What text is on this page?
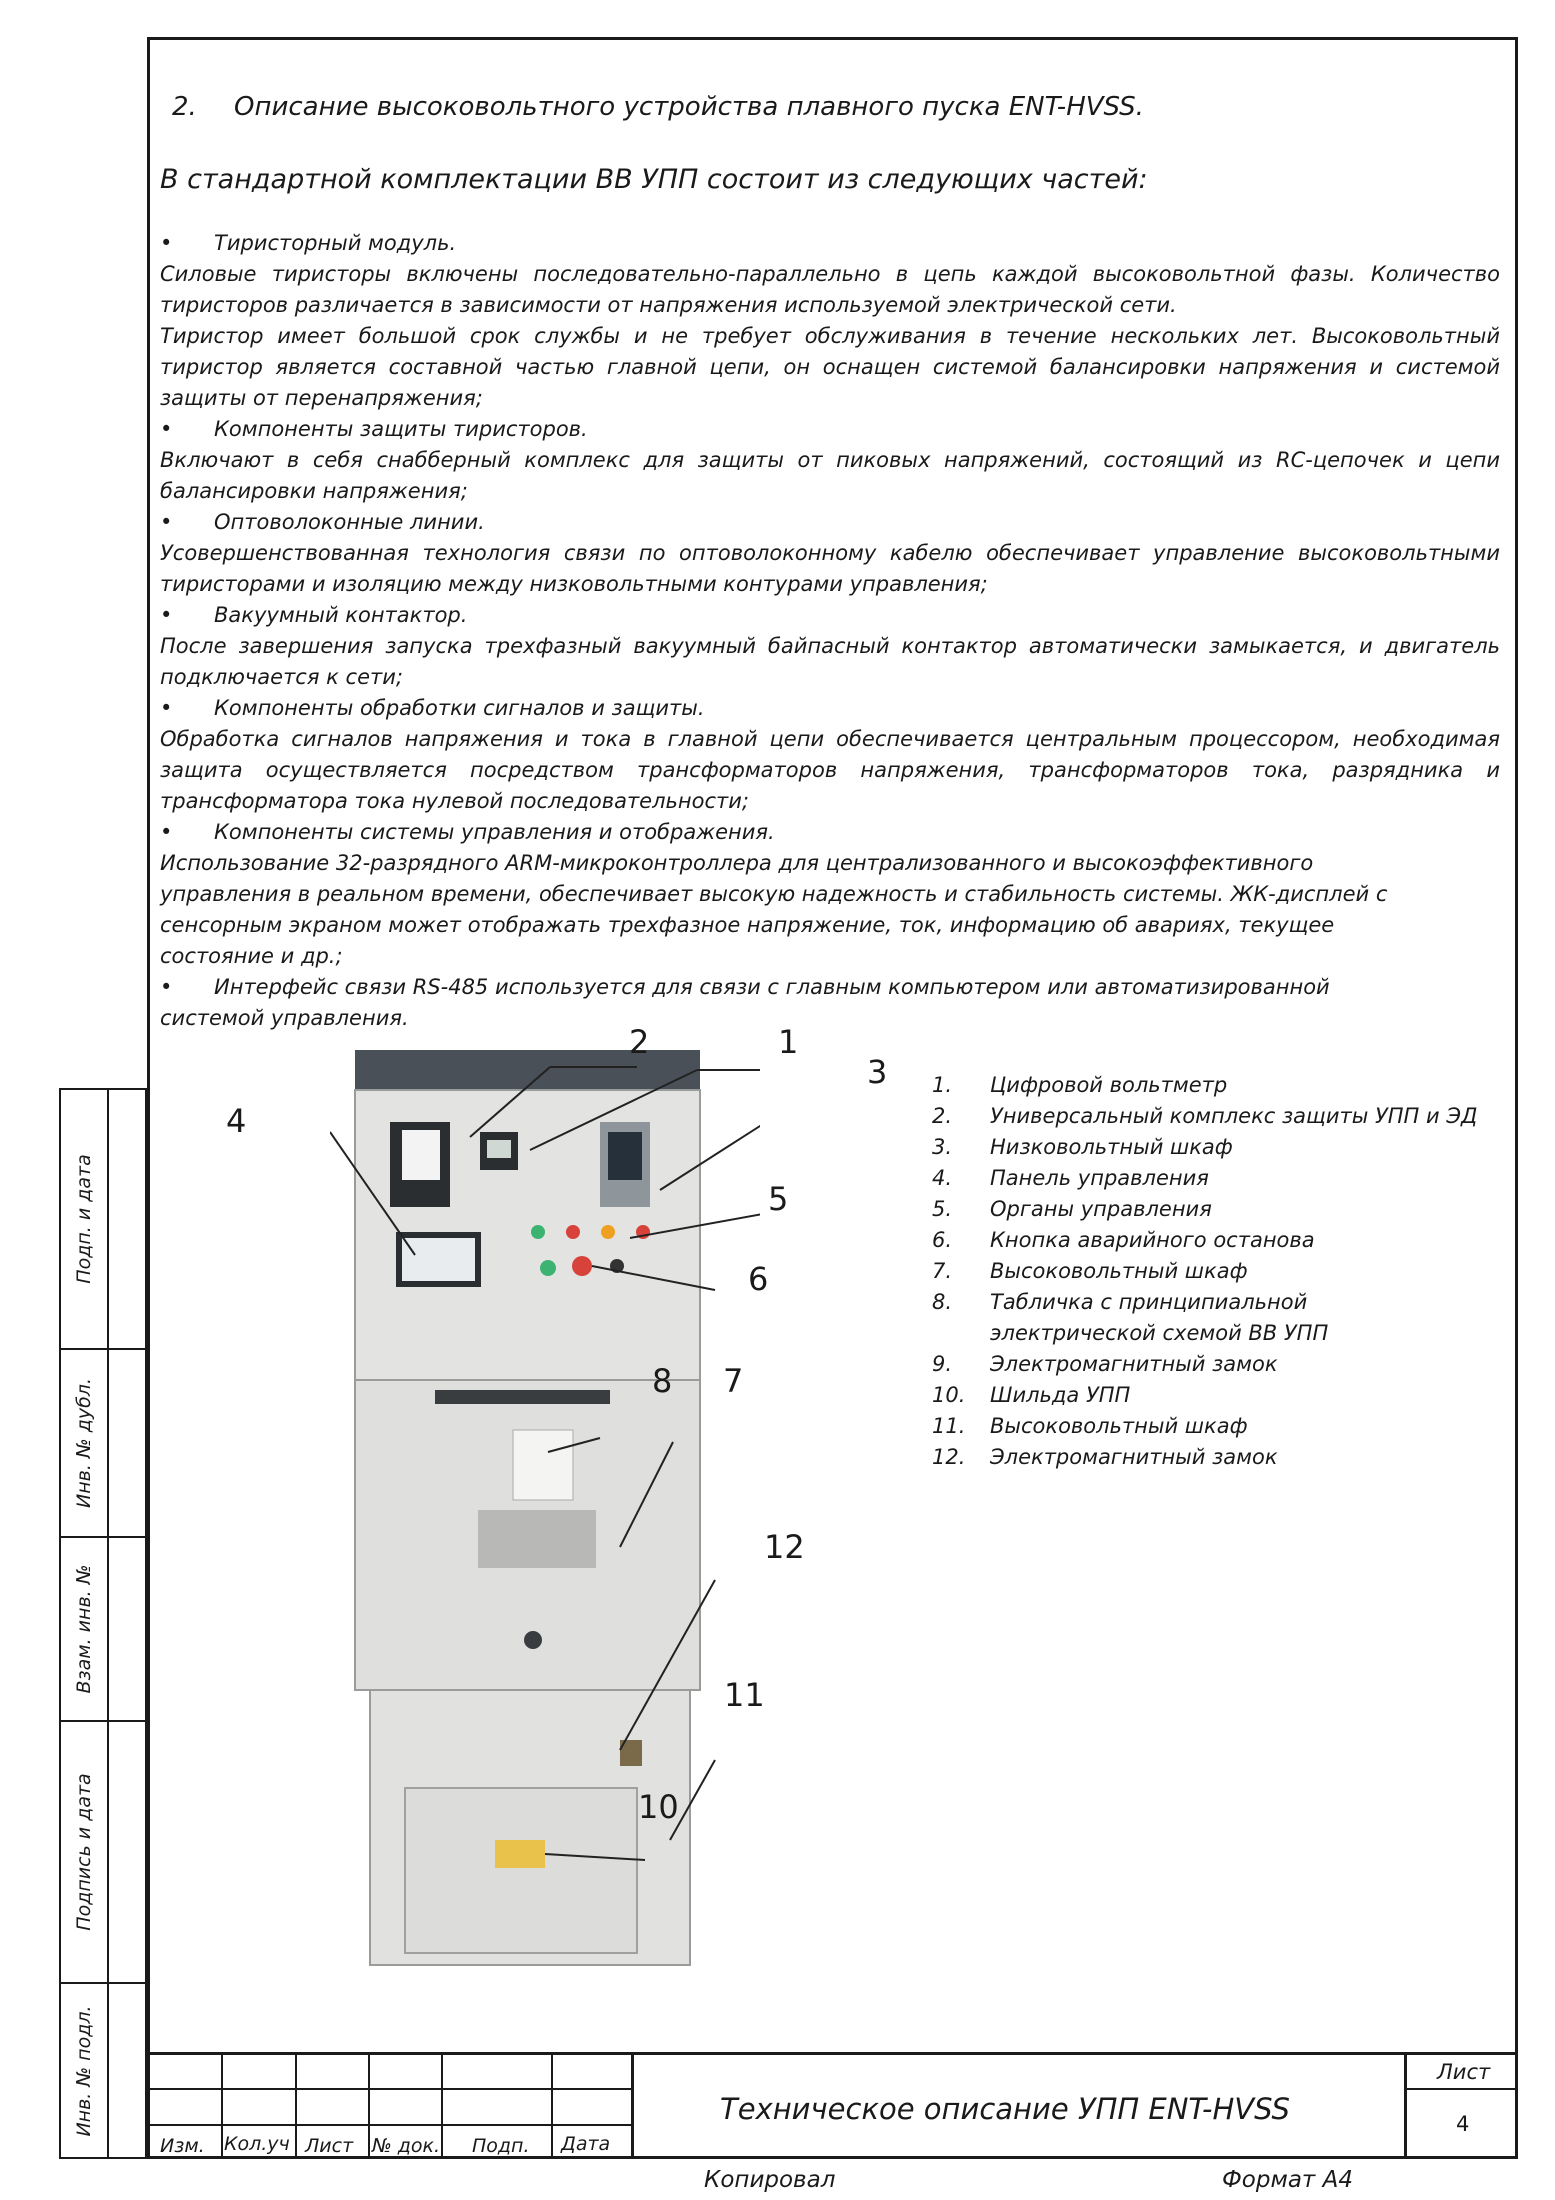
2. Описание высоковольтного устройства плавного пуска ENT-HVSS.
В стандартной комплектации ВВ УПП состоит из следующих частей:
• Тиристорный модуль.
Силовые тиристоры включены последовательно-параллельно в цепь каждой высоковольтной фазы. Количество тиристоров различается в зависимости от напряжения используемой электрической сети.
Тиристор имеет большой срок службы и не требует обслуживания в течение нескольких лет. Высоковольтный тиристор является составной частью главной цепи, он оснащен системой балансировки напряжения и системой защиты от перенапряжения;
• Компоненты защиты тиристоров.
Включают в себя снабберный комплекс для защиты от пиковых напряжений, состоящий из RC-цепочек и цепи балансировки напряжения;
• Оптоволоконные линии.
Усовершенствованная технология связи по оптоволоконному кабелю обеспечивает управление высоковольтными тиристорами и изоляцию между низковольтными контурами управления;
• Вакуумный контактор.
После завершения запуска трехфазный вакуумный байпасный контактор автоматически замыкается, и двигатель подключается к сети;
• Компоненты обработки сигналов и защиты.
Обработка сигналов напряжения и тока в главной цепи обеспечивается центральным процессором, необходимая защита осуществляется посредством трансформаторов напряжения, трансформаторов тока, разрядника и трансформатора тока нулевой последовательности;
• Компоненты системы управления и отображения.
Использование 32-разрядного ARM-микроконтроллера для централизованного и высокоэффективного
управления в реальном времени, обеспечивает высокую надежность и стабильность системы. ЖК-дисплей с
сенсорным экраном может отображать трехфазное напряжение, ток, информацию об авариях, текущее
состояние и др.;
• Интерфейс связи RS-485 используется для связи с главным компьютером или автоматизированной
системой управления.
2	1
3
4
5
6
8 7
12
11
10
1.	Цифровой вольтметр
2.	Универсальный комплекс защиты УПП и ЭД
3.	Низковольтный шкаф
4.	Панель управления
5.	Органы управления
6.	Кнопка аварийного останова
7.	Высоковольтный шкаф
8.	Табличка с принципиальной
электрической схемой ВВ УПП
9.	Электромагнитный замок
10.	Шильда УПП
11.	Высоковольтный шкаф
12.	Электромагнитный замок
Подп. и дата
Инв. № дубл.
Взам. инв. №
Подпись и дата
Инв. № подл.
Изм. Кол.уч Лист № док. Подп. Дата
Техническое описание УПП ENT-HVSS
Лист
4
Копировал	Формат А4
